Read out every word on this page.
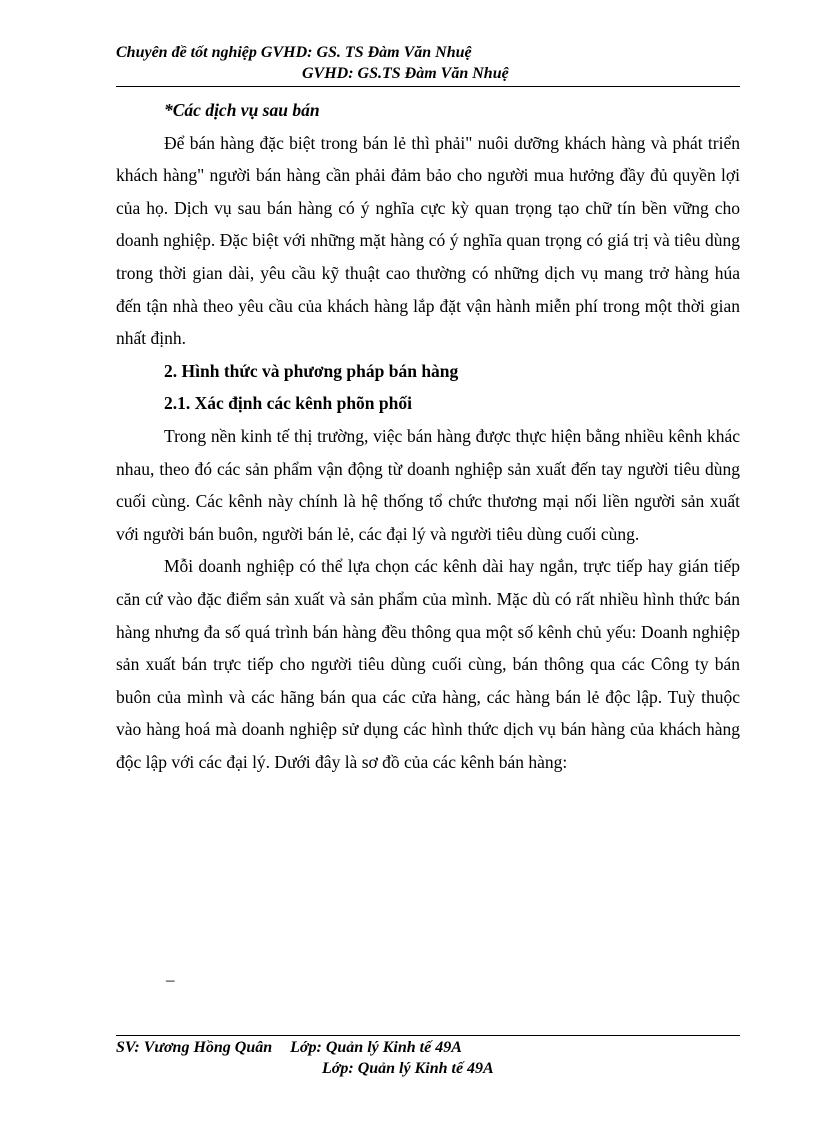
Chuyên đề tốt nghiệp GVHD: GS. TS Đàm Văn Nhuệ
GVHD: GS.TS Đàm Văn Nhuệ

*Các dịch vụ sau bán

Để bán hàng đặc biệt trong bán lẻ thì phải" nuôi dưỡng khách hàng và phát triển khách hàng" người bán hàng cần phải đảm bảo cho người mua hưởng đầy đủ quyền lợi của họ. Dịch vụ sau bán hàng có ý nghĩa cực kỳ quan trọng tạo chữ tín bền vững cho doanh nghiệp. Đặc biệt với những mặt hàng có ý nghĩa quan trọng có giá trị và tiêu dùng trong thời gian dài, yêu cầu kỹ thuật cao thường có những dịch vụ mang trở hàng húa đến tận nhà theo yêu cầu của khách hàng lắp đặt vận hành miễn phí trong một thời gian nhất định.

2. Hình thức và phương pháp bán hàng

2.1. Xác định các kênh phõn phối

Trong nền kinh tế thị trường, việc bán hàng được thực hiện bằng nhiều kênh khác nhau, theo đó các sản phẩm vận động từ doanh nghiệp sản xuất đến tay người tiêu dùng cuối cùng. Các kênh này chính là hệ thống tổ chức thương mại nối liền người sản xuất với người bán buôn, người bán lẻ, các đại lý và người tiêu dùng cuối cùng.

Mỗi doanh nghiệp có thể lựa chọn các kênh dài hay ngắn, trực tiếp hay gián tiếp căn cứ vào đặc điểm sản xuất và sản phẩm của mình. Mặc dù có rất nhiều hình thức bán hàng nhưng đa số quá trình bán hàng đều thông qua một số kênh chủ yếu: Doanh nghiệp sản xuất bán trực tiếp cho người tiêu dùng cuối cùng, bán thông qua các Công ty bán buôn của mình và các hãng bán qua các cửa hàng, các hàng bán lẻ độc lập. Tuỳ thuộc vào hàng hoá mà doanh nghiệp sử dụng các hình thức dịch vụ bán hàng của khách hàng độc lập với các đại lý. Dưới đây là sơ đồ của các kênh bán hàng:

–
SV: Vương Hồng Quân Lớp: Quản lý Kinh tế 49A
Lớp: Quản lý Kinh tế 49A
